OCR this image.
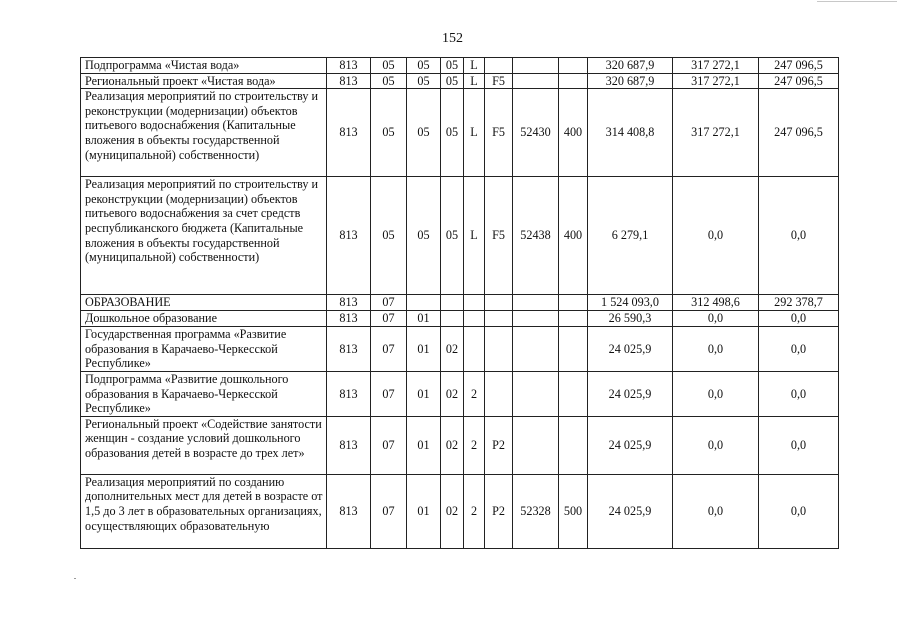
152
Подпрограмма «Чистая вода»	813	05	05	05	L				320 687,9	317 272,1	247 096,5
Региональный проект «Чистая вода»	813	05	05	05	L	F5			320 687,9	317 272,1	247 096,5
Реализация мероприятий по строительству и реконструкции (модернизации) объектов питьевого водоснабжения (Капитальные вложения в объекты государственной (муниципальной) собственности)	813	05	05	05	L	F5	52430	400	314 408,8	317 272,1	247 096,5
Реализация мероприятий по строительству и реконструкции (модернизации) объектов питьевого водоснабжения за счет средств республиканского бюджета (Капитальные вложения в объекты государственной (муниципальной) собственности)	813	05	05	05	L	F5	52438	400	6 279,1	0,0	0,0
ОБРАЗОВАНИЕ	813	07							1 524 093,0	312 498,6	292 378,7
Дошкольное образование	813	07	01						26 590,3	0,0	0,0
Государственная программа «Развитие образования в Карачаево-Черкесской Республике»	813	07	01	02					24 025,9	0,0	0,0
Подпрограмма «Развитие дошкольного образования в Карачаево-Черкесской Республике»	813	07	01	02	2				24 025,9	0,0	0,0
Региональный проект «Содействие занятости женщин - создание условий дошкольного образования детей в возрасте до трех лет»	813	07	01	02	2	P2			24 025,9	0,0	0,0
Реализация мероприятий по созданию дополнительных мест для детей в возрасте от 1,5 до 3 лет в образовательных организациях, осуществляющих образовательную	813	07	01	02	2	P2	52328	500	24 025,9	0,0	0,0
